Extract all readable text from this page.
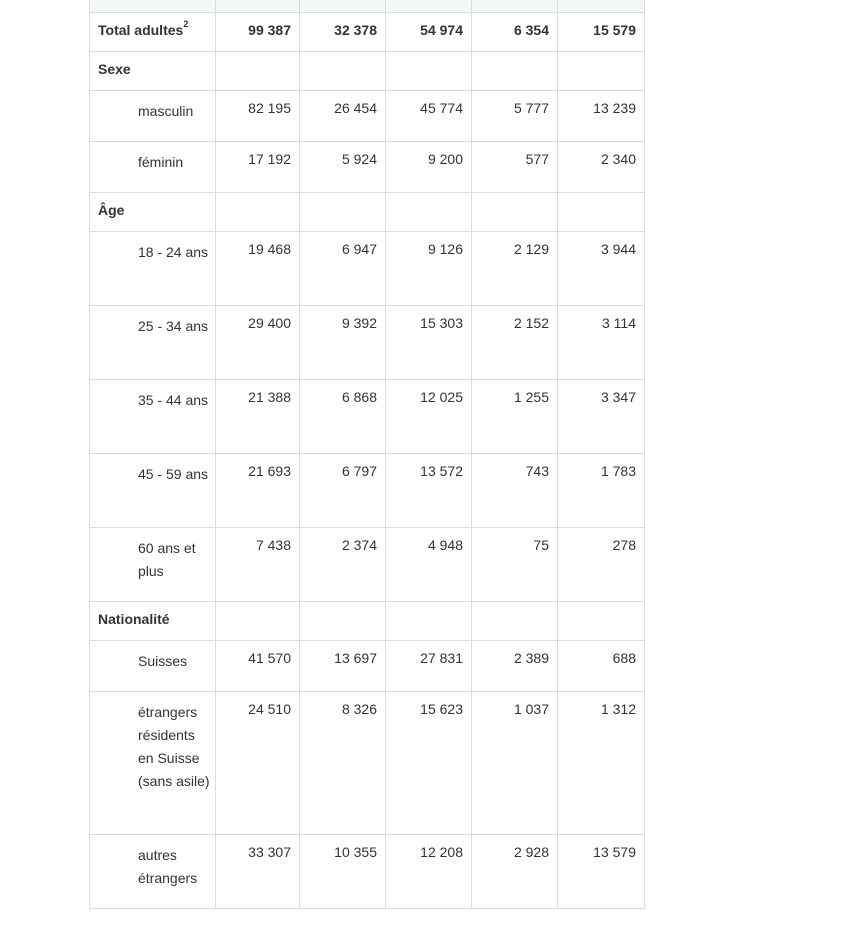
Total adultes$^2$	99 387	32 378	54 974	6 354	15 579
Sexe					
masculin	82 195	26 454	45 774	5 777	13 239
féminin	17 192	5 924	9 200	577	2 340
Âge					
18 - 24 ans	19 468	6 947	9 126	2 129	3 944
25 - 34 ans	29 400	9 392	15 303	2 152	3 114
35 - 44 ans	21 388	6 868	12 025	1 255	3 347
45 - 59 ans	21 693	6 797	13 572	743	1 783
60 ans et plus	7 438	2 374	4 948	75	278
Nationalité					
Suisses	41 570	13 697	27 831	2 389	688
étrangers résidents en Suisse (sans asile)	24 510	8 326	15 623	1 037	1 312
autres étrangers	33 307	10 355	12 208	2 928	13 579
